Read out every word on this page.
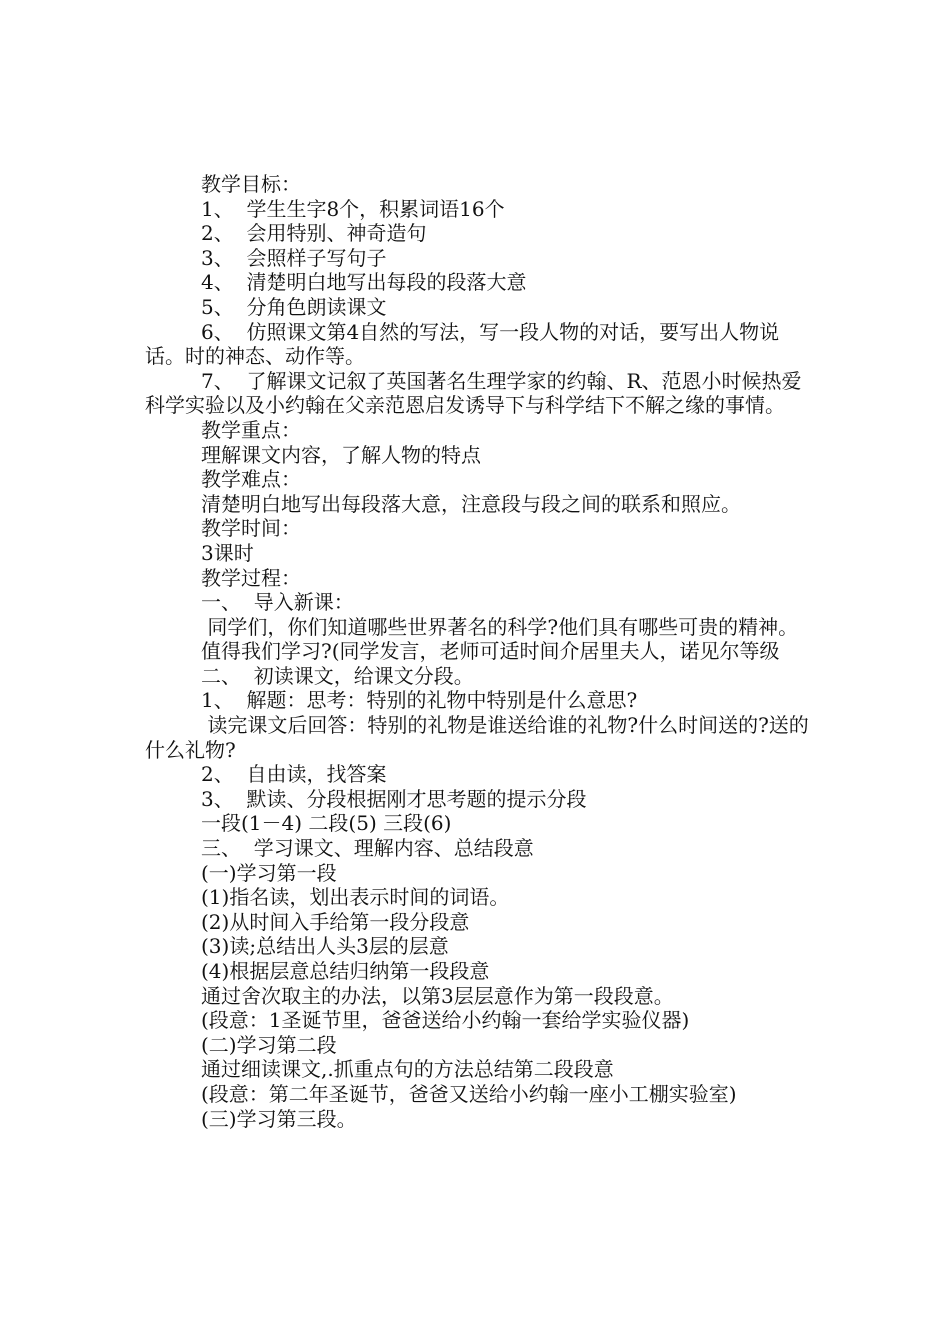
教学目标：

1、  学生生字8个，积累词语16个

2、  会用特别、神奇造句

3、  会照样子写句子

4、  清楚明白地写出每段的段落大意

5、  分角色朗读课文

6、  仿照课文第4自然的写法，写一段人物的对话，要写出人物说话。时的神态、动作等。

7、  了解课文记叙了英国著名生理学家的约翰、R、范恩小时候热爱科学实验以及小约翰在父亲范恩启发诱导下与科学结下不解之缘的事情。

教学重点：

理解课文内容，了解人物的特点

教学难点：

清楚明白地写出每段落大意，注意段与段之间的联系和照应。

教学时间：

3课时

教学过程：

一、  导入新课：

同学们，你们知道哪些世界著名的科学?他们具有哪些可贵的精神。

值得我们学习?(同学发言，老师可适时间介居里夫人，诺见尔等级

二、  初读课文，给课文分段。

1、  解题：思考：特别的礼物中特别是什么意思?

读完课文后回答：特别的礼物是谁送给谁的礼物?什么时间送的?送的什么礼物?

2、  自由读，找答案

3、  默读、分段根据刚才思考题的提示分段

一段(1－4) 二段(5) 三段(6)

三、  学习课文、理解内容、总结段意

(一)学习第一段

(1)指名读，划出表示时间的词语。

(2)从时间入手给第一段分段意

(3)读;总结出人头3层的层意

(4)根据层意总结归纳第一段段意

通过舍次取主的办法，以第3层层意作为第一段段意。

(段意：1圣诞节里，爸爸送给小约翰一套给学实验仪器)

(二)学习第二段

通过细读课文,.抓重点句的方法总结第二段段意

(段意：第二年圣诞节，爸爸又送给小约翰一座小工棚实验室)

(三)学习第三段。
